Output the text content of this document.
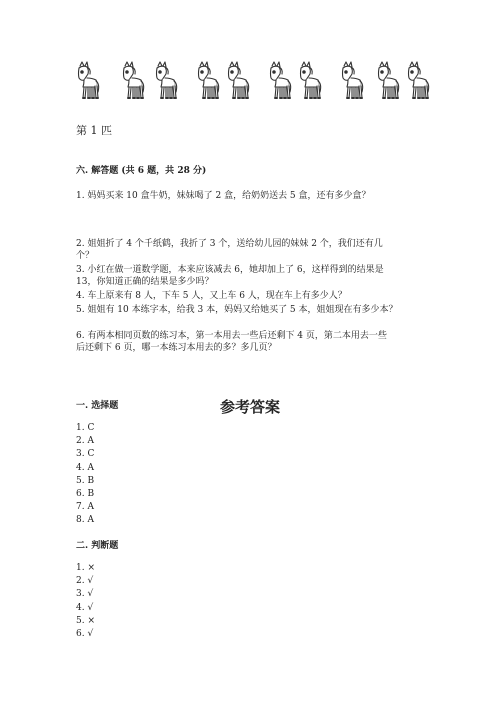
第 1 匹
六. 解答题 (共 6 题，共 28 分)
1. 妈妈买来 10 盒牛奶，妹妹喝了 2 盒，给奶奶送去 5 盒，还有多少盒？
2. 姐姐折了 4 个千纸鹤，我折了 3 个，送给幼儿园的妹妹 2 个，我们还有几
个？
3. 小红在做一道数学题，本来应该减去 6，她却加上了 6，这样得到的结果是
13，你知道正确的结果是多少吗？
4. 车上原来有 8 人，下车 5 人，又上车 6 人，现在车上有多少人？
5. 姐姐有 10 本练字本，给我 3 本，妈妈又给她买了 5 本，姐姐现在有多少本？
6. 有两本相同页数的练习本，第一本用去一些后还剩下 4 页，第二本用去一些
后还剩下 6 页，哪一本练习本用去的多？多几页？
参考答案
一. 选择题
1. C
2. A
3. C
4. A
5. B
6. B
7. A
8. A
二. 判断题
1. ×
2. √
3. √
4. √
5. ×
6. √
